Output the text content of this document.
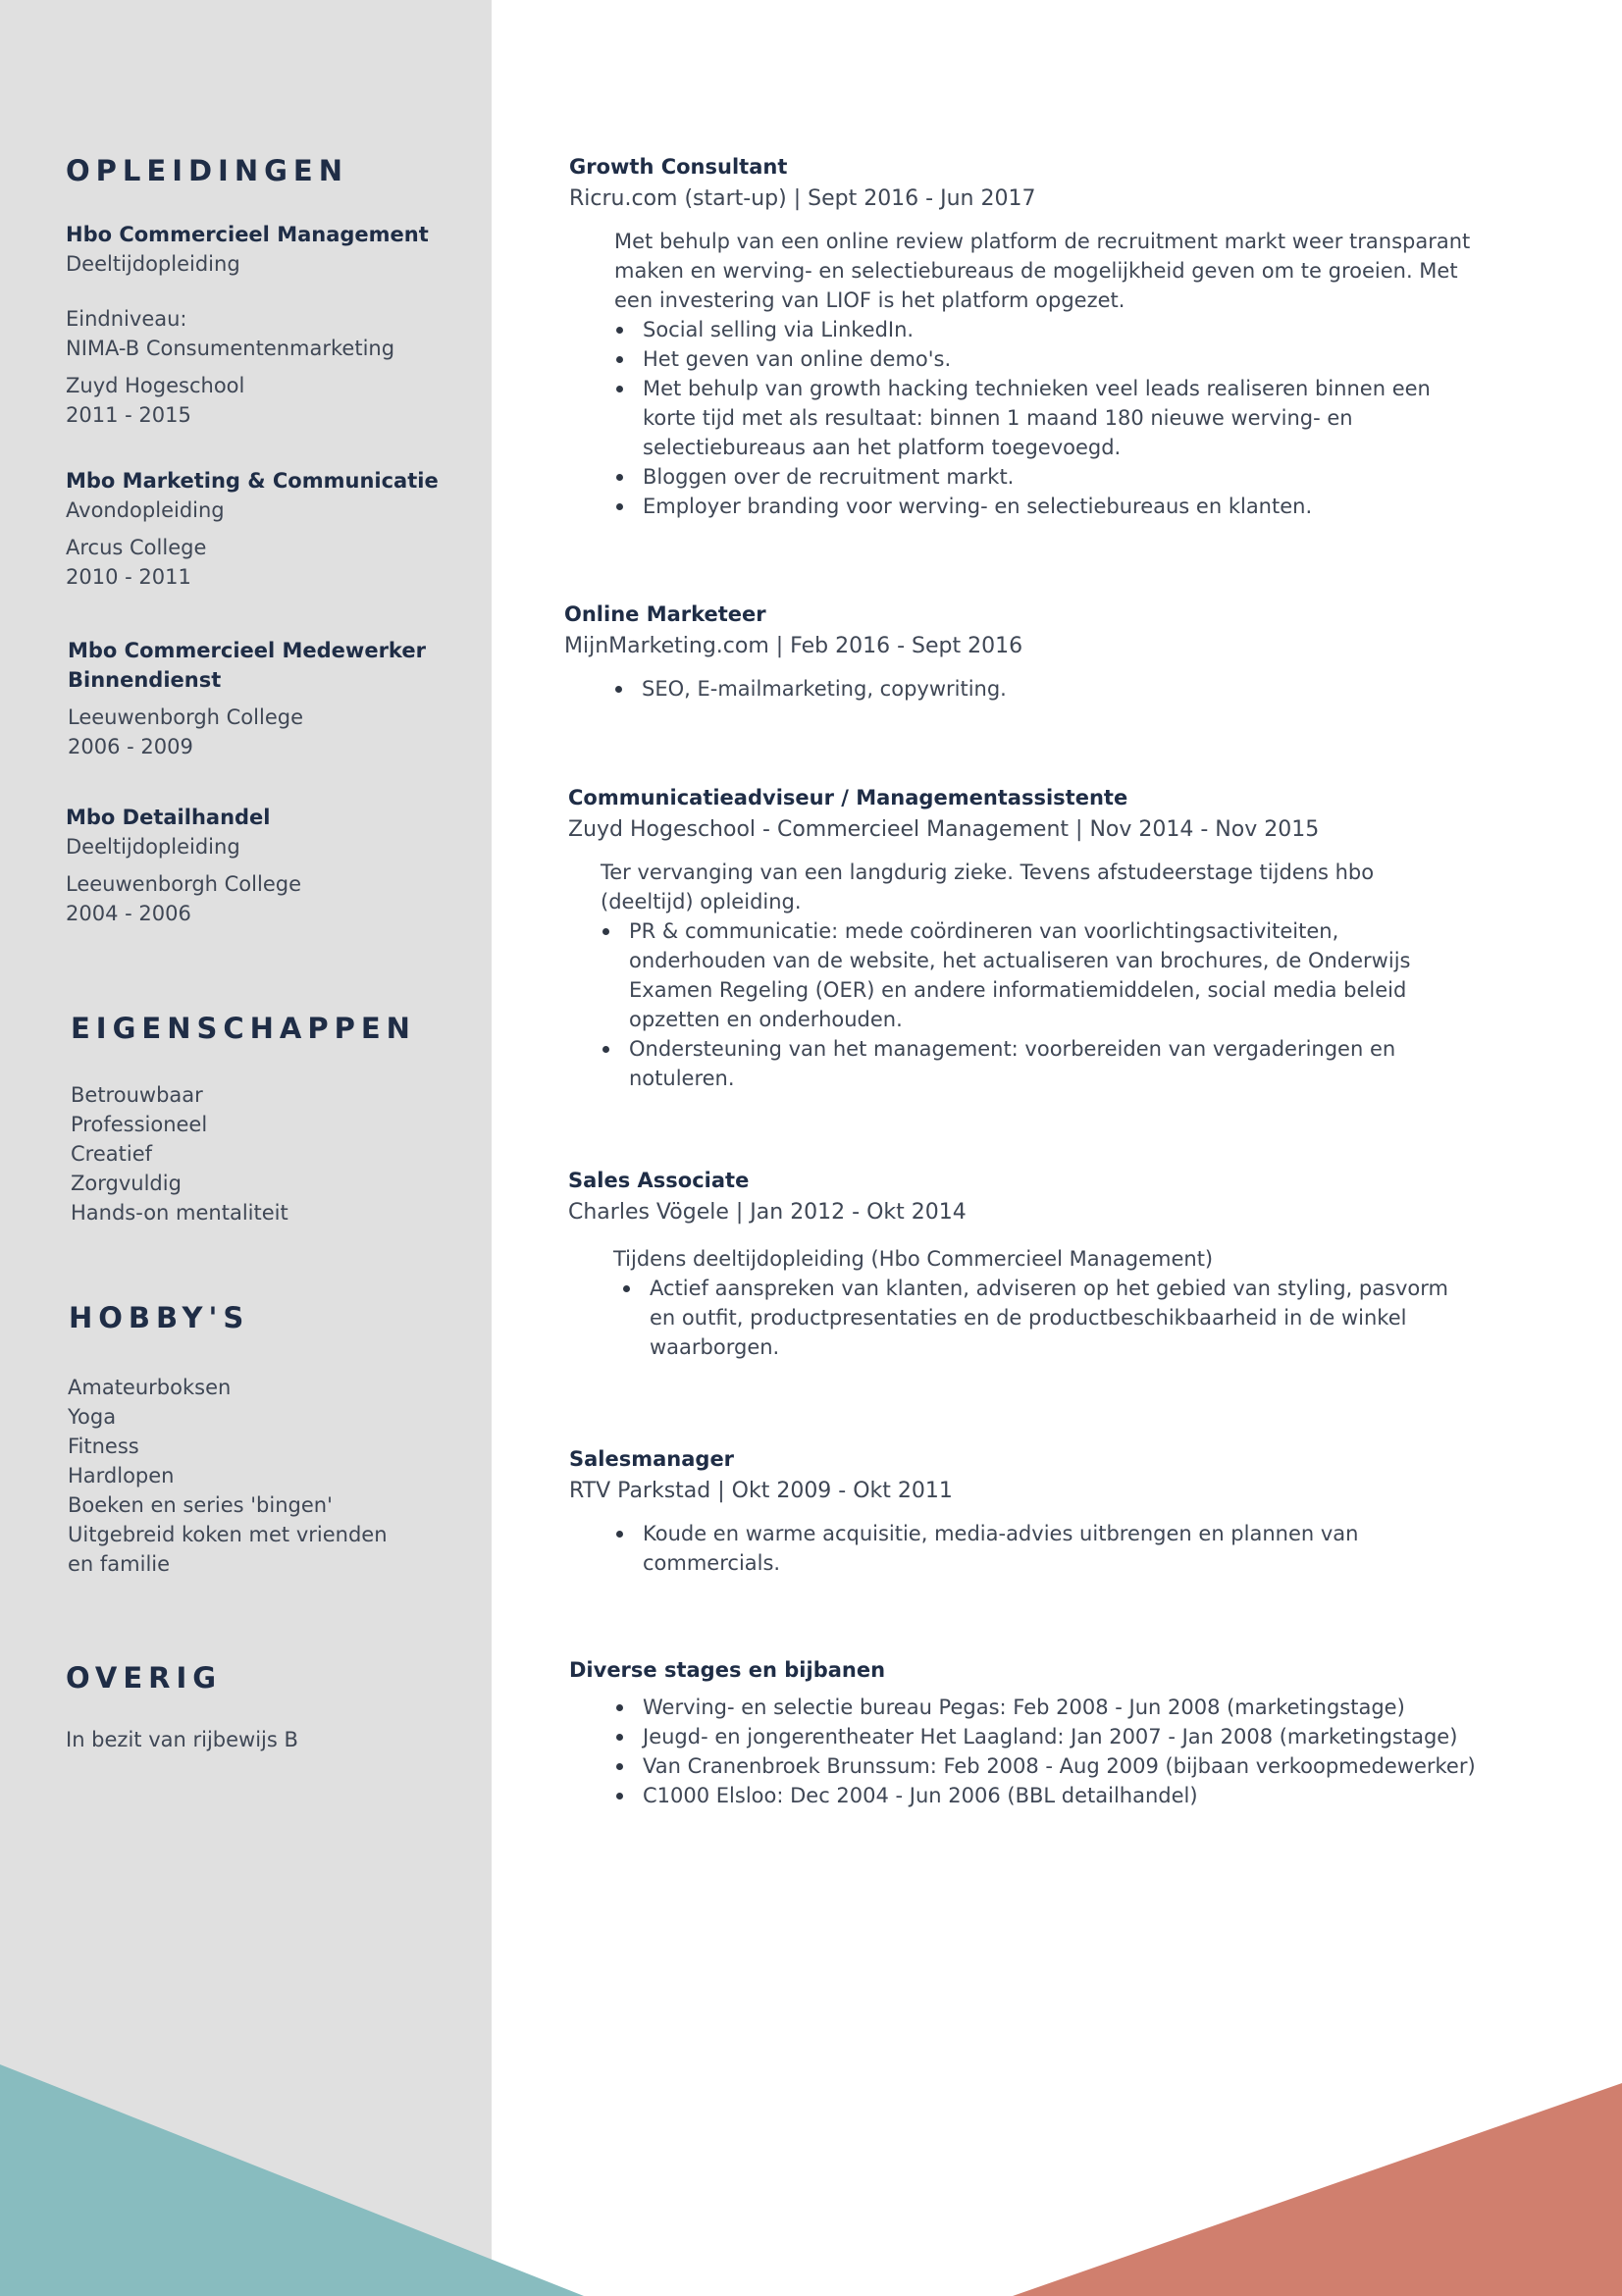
OPLEIDINGEN
Hbo Commercieel Management
Deeltijdopleiding
Eindniveau:
NIMA-B Consumentenmarketing
Zuyd Hogeschool
2011 - 2015
Mbo Marketing & Communicatie
Avondopleiding
Arcus College
2010 - 2011
Mbo Commercieel Medewerker
Binnendienst
Leeuwenborgh College
2006 - 2009
Mbo Detailhandel
Deeltijdopleiding
Leeuwenborgh College
2004 - 2006
EIGENSCHAPPEN
Betrouwbaar
Professioneel
Creatief
Zorgvuldig
Hands-on mentaliteit
HOBBY'S
Amateurboksen
Yoga
Fitness
Hardlopen
Boeken en series 'bingen'
Uitgebreid koken met vrienden
en familie
OVERIG
In bezit van rijbewijs B
Growth Consultant
Ricru.com (start-up) | Sept 2016 - Jun 2017
Met behulp van een online review platform de recruitment markt weer transparant
maken en werving- en selectiebureaus de mogelijkheid geven om te groeien. Met
een investering van LIOF is het platform opgezet.
Social selling via LinkedIn.
Het geven van online demo's.
Met behulp van growth hacking technieken veel leads realiseren binnen een
korte tijd met als resultaat: binnen 1 maand 180 nieuwe werving- en
selectiebureaus aan het platform toegevoegd.
Bloggen over de recruitment markt.
Employer branding voor werving- en selectiebureaus en klanten.
Online Marketeer
MijnMarketing.com | Feb 2016 - Sept 2016
SEO, E-mailmarketing, copywriting.
Communicatieadviseur / Managementassistente
Zuyd Hogeschool - Commercieel Management | Nov 2014 - Nov 2015
Ter vervanging van een langdurig zieke. Tevens afstudeerstage tijdens hbo
(deeltijd) opleiding.
PR & communicatie: mede coördineren van voorlichtingsactiviteiten,
onderhouden van de website, het actualiseren van brochures, de Onderwijs
Examen Regeling (OER) en andere informatiemiddelen, social media beleid
opzetten en onderhouden.
Ondersteuning van het management: voorbereiden van vergaderingen en
notuleren.
Sales Associate
Charles Vögele | Jan 2012 - Okt 2014
Tijdens deeltijdopleiding (Hbo Commercieel Management)
Actief aanspreken van klanten, adviseren op het gebied van styling, pasvorm
en outfit, productpresentaties en de productbeschikbaarheid in de winkel
waarborgen.
Salesmanager
RTV Parkstad | Okt 2009 - Okt 2011
Koude en warme acquisitie, media-advies uitbrengen en plannen van
commercials.
Diverse stages en bijbanen
Werving- en selectie bureau Pegas: Feb 2008 - Jun 2008 (marketingstage)
Jeugd- en jongerentheater Het Laagland: Jan 2007 - Jan 2008 (marketingstage)
Van Cranenbroek Brunssum: Feb 2008 - Aug 2009 (bijbaan verkoopmedewerker)
C1000 Elsloo: Dec 2004 - Jun 2006 (BBL detailhandel)
